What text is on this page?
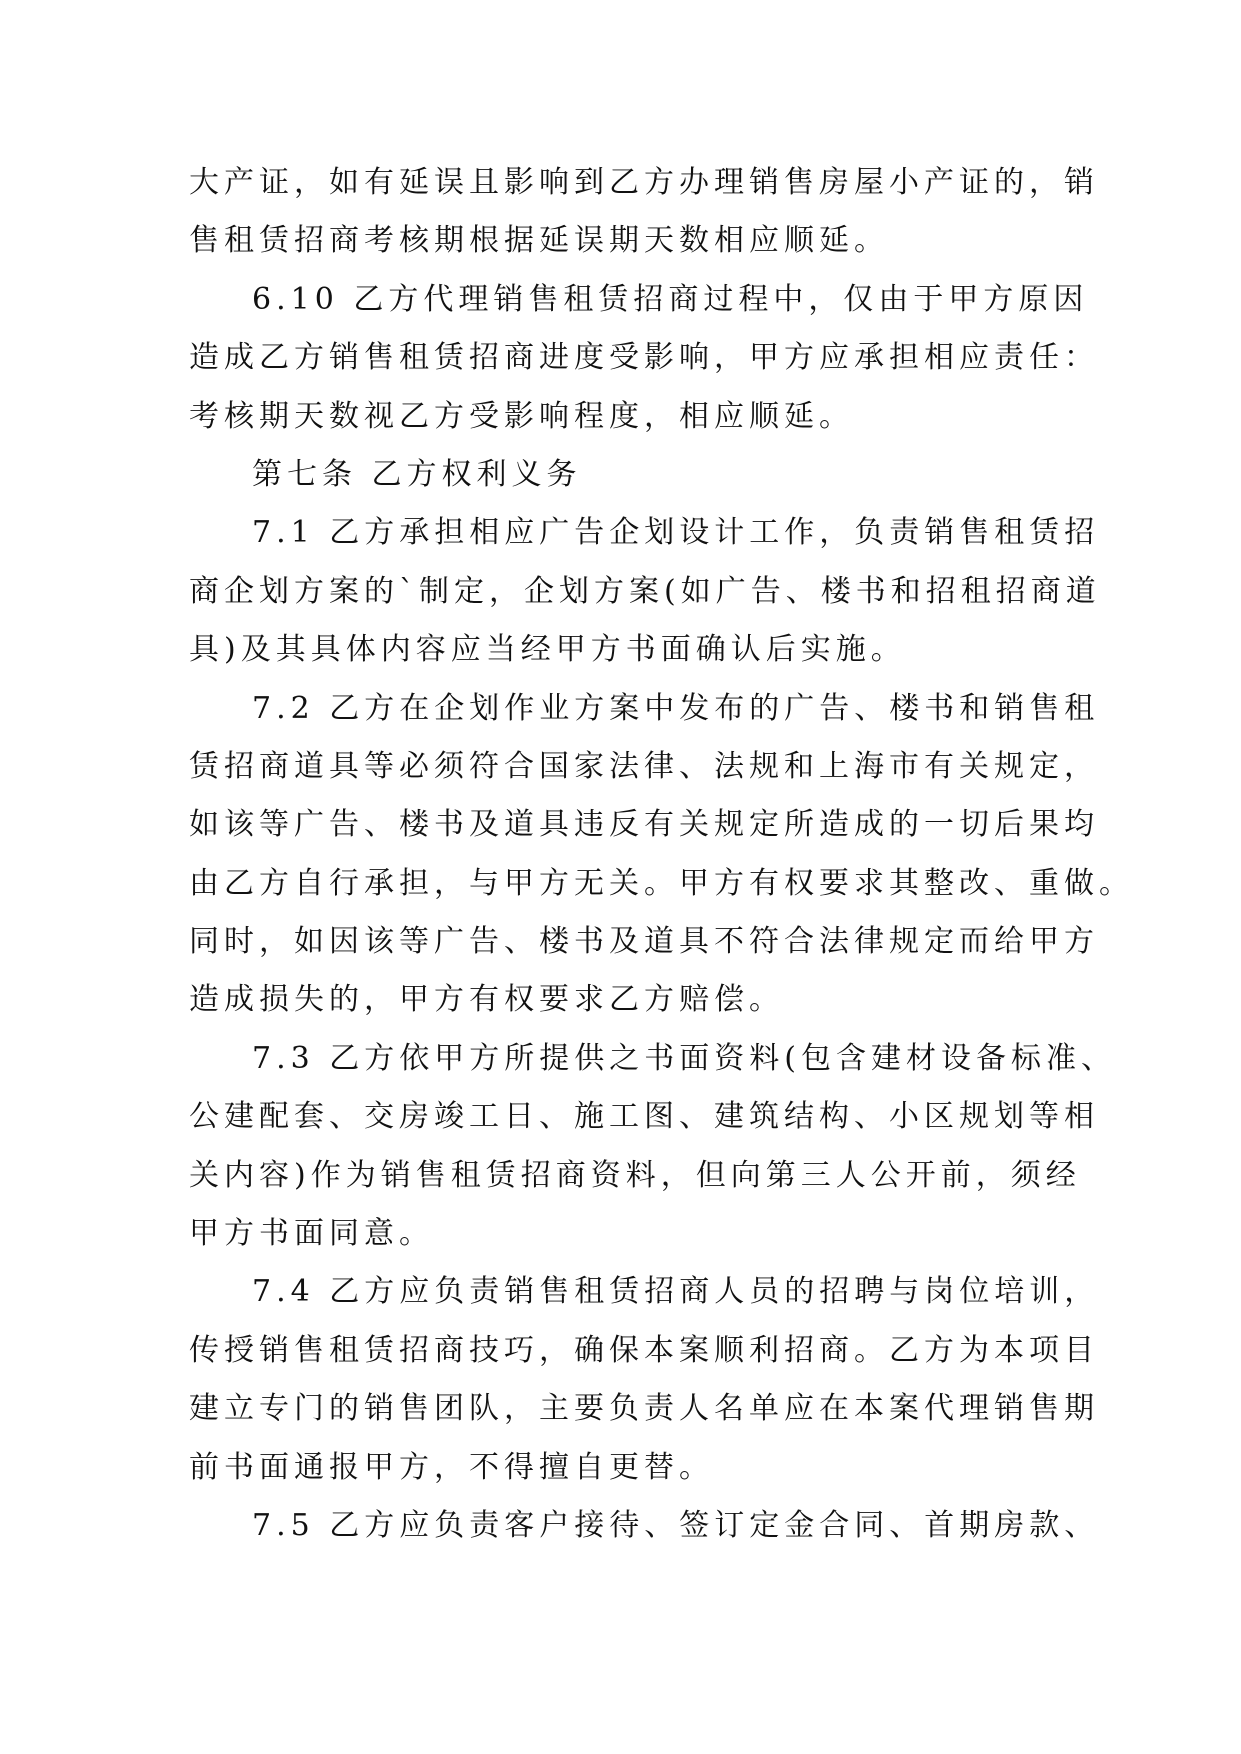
大产证，如有延误且影响到乙方办理销售房屋小产证的，销
售租赁招商考核期根据延误期天数相应顺延。
6.10 乙方代理销售租赁招商过程中，仅由于甲方原因
造成乙方销售租赁招商进度受影响，甲方应承担相应责任：
考核期天数视乙方受影响程度，相应顺延。
第七条 乙方权利义务
7.1 乙方承担相应广告企划设计工作，负责销售租赁招
商企划方案的`制定，企划方案(如广告、楼书和招租招商道
具)及其具体内容应当经甲方书面确认后实施。
7.2 乙方在企划作业方案中发布的广告、楼书和销售租
赁招商道具等必须符合国家法律、法规和上海市有关规定，
如该等广告、楼书及道具违反有关规定所造成的一切后果均
由乙方自行承担，与甲方无关。甲方有权要求其整改、重做。
同时，如因该等广告、楼书及道具不符合法律规定而给甲方
造成损失的，甲方有权要求乙方赔偿。
7.3 乙方依甲方所提供之书面资料(包含建材设备标准、
公建配套、交房竣工日、施工图、建筑结构、小区规划等相
关内容)作为销售租赁招商资料，但向第三人公开前，须经
甲方书面同意。
7.4 乙方应负责销售租赁招商人员的招聘与岗位培训，
传授销售租赁招商技巧，确保本案顺利招商。乙方为本项目
建立专门的销售团队，主要负责人名单应在本案代理销售期
前书面通报甲方，不得擅自更替。
7.5 乙方应负责客户接待、签订定金合同、首期房款、
